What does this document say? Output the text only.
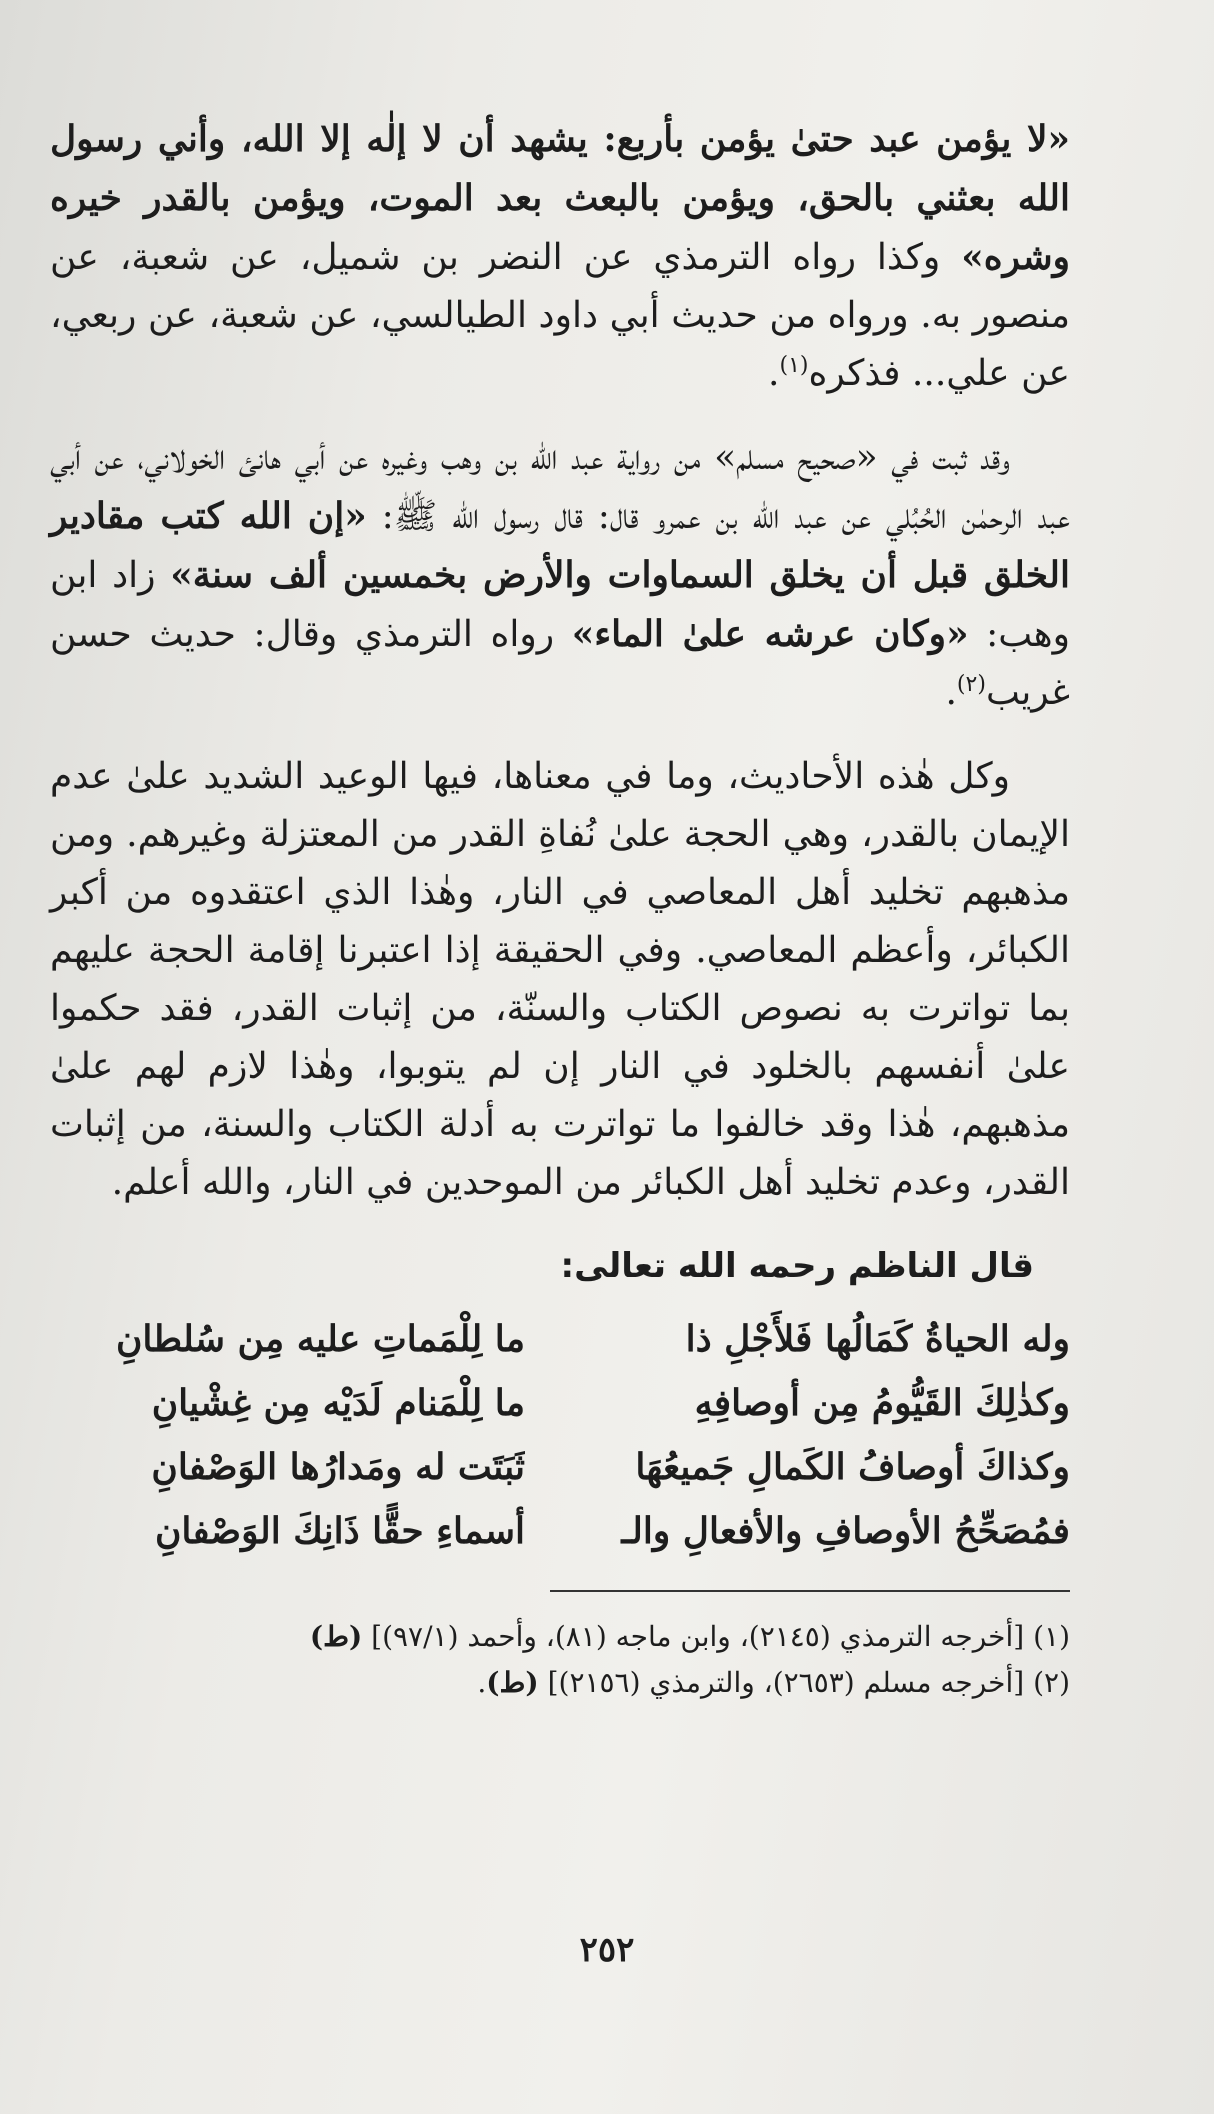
«لا يؤمن عبد حتىٰ يؤمن بأربع: يشهد أن لا إلٰه إلا الله، وأني رسول الله بعثني بالحق، ويؤمن بالبعث بعد الموت، ويؤمن بالقدر خيره وشره» وكذا رواه الترمذي عن النضر بن شميل، عن شعبة، عن منصور به. ورواه من حديث أبي داود الطيالسي، عن شعبة، عن ربعي، عن علي... فذكره$^{(١)}$.

وقد ثبت في «صحيح مسلم» من رواية عبد الله بن وهب وغيره عن أبي هانئ الخولاني، عن أبي عبد الرحمٰن الحُبُلي عن عبد الله بن عمرو قال: قال رسول الله ﷺ: «إن الله كتب مقادير الخلق قبل أن يخلق السماوات والأرض بخمسين ألف سنة» زاد ابن وهب: «وكان عرشه علىٰ الماء» رواه الترمذي وقال: حديث حسن غريب$^{(٢)}$.

وكل هٰذه الأحاديث، وما في معناها، فيها الوعيد الشديد علىٰ عدم الإيمان بالقدر، وهي الحجة علىٰ نُفاةِ القدر من المعتزلة وغيرهم. ومن مذهبهم تخليد أهل المعاصي في النار، وهٰذا الذي اعتقدوه من أكبر الكبائر، وأعظم المعاصي. وفي الحقيقة إذا اعتبرنا إقامة الحجة عليهم بما تواترت به نصوص الكتاب والسنّة، من إثبات القدر، فقد حكموا علىٰ أنفسهم بالخلود في النار إن لم يتوبوا، وهٰذا لازم لهم علىٰ مذهبهم، هٰذا وقد خالفوا ما تواترت به أدلة الكتاب والسنة، من إثبات القدر، وعدم تخليد أهل الكبائر من الموحدين في النار، والله أعلم.

قال الناظم رحمه الله تعالى:
وله الحياةُ كَمَالُها فَلأَجْلِ ذا
ما لِلْمَماتِ عليه مِن سُلطانِ
وكذٰلِكَ القَيُّومُ مِن أوصافِهِ
ما لِلْمَنام لَدَيْه مِن غِشْيانِ
وكذاكَ أوصافُ الكَمالِ جَميعُهَا
ثَبَتَت له ومَدارُها الوَصْفانِ
فمُصَحِّحُ الأوصافِ والأفعالِ والـ
أسماءِ حقًّا ذَانِكَ الوَصْفانِ
(١) [أخرجه الترمذي (٢١٤٥)، وابن ماجه (٨١)، وأحمد (٩٧/١)] (ط)
(٢) [أخرجه مسلم (٢٦٥٣)، والترمذي (٢١٥٦)] (ط).
٢٥٢
